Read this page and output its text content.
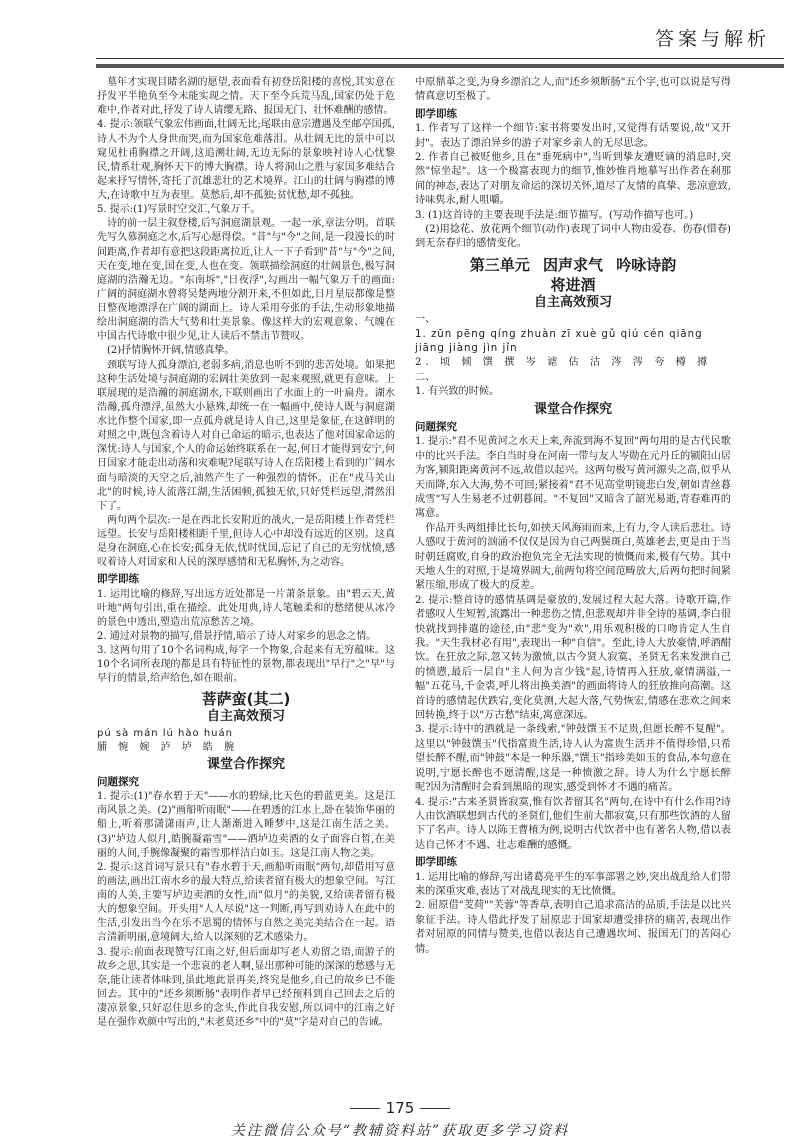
答案与解析

墓年才实现目睹名湖的愿望,表面看有初登岳阳楼的喜悦,其实意在抒发平半艳负至今未能实现之情。天下至今兵荒马乱,国家仍处于危难中,作者对此,抒发了诗人请缨无路、报国无门、壮怀难酬的感情。

4. 提示:领联气象宏伟画面,壮阔无比;尾联由意宗遭遇及至邮亭国孤,诗人不为个人身世而哭,而为国家危难落泪。从壮阔无比的景中可以窥见杜甫胸襟之开阔,这追溯壮阔,无边无际的景象映衬诗人心忧黎民,情系壮观,胸怀天下的博大胸襟。诗人将洞山之胜与家国多难结合起来抒写情怀,寄托了沉雄悲壮的艺术境界。江山的壮阔与胸襟的博大,在诗歌中互为表里。莫愁后,却不孤独;贫忧愁,却不孤独。

5. 提示:(1)写景时空交汇,气象万千。

诗的前一层主叙登楼,后写洞庭湖景观。一起一承,章法分明。首联先写久慕洞庭之水,后写心愿得偿。"昔"与"今"之间,是一段漫长的时间距离,作者却有意把这段距离拉近,让人一下子看到"昔"与"今"之间,天在变,地在变,国在变,人也在变。领联描绘洞庭的壮阔景色,极写洞庭湖的浩瀚无边。"东南坼","日夜浮",勾画出一幅气象万千的画面:广阔的洞庭湖水曾将吴楚两地分割开来,不但如此,日月星辰都像是整日整夜地漂浮在广阔的湖面上。诗人采用夸张的手法,生动形象地描绘出洞庭湖的浩大气势和壮美景象。像这样大的宏观意象、气魄在中国古代诗歌中很少见,让人读后不禁击节赞叹。

(2)抒情胸怀开阔,情感真挚。

颈联写诗人孤身漂泊,老弱多病,消息也听不到的悲苦处境。如果把这种生活处境与洞庭湖的宏阔壮美放到一起来观照,就更有意味。上联展现的是浩瀚的洞庭湖水,下联则画出了水面上的一叶扁舟。湖水浩瀚,孤舟漂浮,虽然大小悬殊,却统一在一幅画中,使诗人既与洞庭湖水比作整个国家,即一点孤舟就是诗人自己,这里是象征,在这鲜明的对照之中,既包含着诗人对自己命运的暗示,也表达了他对国家命运的深忧:诗人与国家,个人的命运始终联系在一起,何日才能得到安宁,何日国家才能走出动荡和灾难呢?尾联写诗人在岳阳楼上看到的广阔水面与暗淡的天空之后,油然产生了一种强烈的情怀。正在"戎马关山北"的时候,诗人流落江湖,生活困顿,孤独无依,只好凭栏远望,潸然泪下了。

两句两个层次:一是在西北长安附近的战火,一是岳阳楼上作者凭栏远望。长安与岳阳楼相距千里,但诗人心中却没有远近的区别。这真是身在洞庭,心在长安;孤身无依,忧时忧国,忘记了自己的无穷忧愤,感叹着诗人对国家和人民的深厚感情和无私胸怀,为之动容。

即学即练

1. 运用比喻的修辞,写出远方近处都是一片萧条景象。由"碧云天,黄叶地"两句引出,重在描绘。此处用典,诗人笔触柔和的愁绪便从冰冷的景色中透出,塑造出荒凉愁苦之境。

2. 通过对景物的描写,借景抒情,暗示了诗人对家乡的思念之情。

3. 这两句用了10个名词构成,每字一个物象,合起来有无穷蕴味。这10个名词所表现的都是具有特征性的景物,都表现出"早行"之"早"与早行的情景,给声给色,如在眼前。

菩萨蛮(其二)
自主高效预习

pú sà mán lú hào huán

脯 惋 婉 泸 垆 皓 腕

课堂合作探究
问题探究

1. 提示:(1)"春水碧于天"——水的碧绿,比天色的碧蓝更美。这是江南风景之美。(2)"画船听雨眠"——在碧透的江水上,卧在装饰华丽的船上,听着那潇潇雨声,让人渐渐进入睡梦中,这是江南生活之美。(3)"垆边人似月,皓腕凝霜雪"——酒垆边卖酒的女子面容白皙,在美丽的人间,手腕像凝聚的霜雪那样洁白如玉。这是江南人物之美。

2. 提示:这首词写景只有"春水碧于天,画船听雨眠"两句,却借用写意的画法,画出江南水乡的最大特点,给读者留有极大的想象空间。写江南的人美,主要写垆边卖酒的女性,而"似月"的美貌,又给读者留有极大的想象空间。开头用"人人尽说"这一判断,再写到劝诗人在此中的生活,引发出当今在乐不思蜀的情怀与自然之美完美结合在一起。语言清新明丽,意境阔大,给人以深刻的艺术感染力。

3. 提示:前面表现赞写江南之好,但后面却写老人劝留之语,而游子的故乡之思,其实是一个悲哀的老人啊,显出那种可能的深深的愁感与无奈,能让读者体味到,虽此地此景再美,终究是他乡,自己的故乡已不能回去。其中的"还乡须断肠"表明作者早已经预料到自己回去之后的凄凉景象,只好忍住思乡的念头,作此自我安慰,所以词中的江南之好是在强作欢颜中写出的,"未老莫还乡"中的"莫"字是对自己的告诫。

中原鼎革之变,为身乡漂泊之人,而"还乡须断肠"五个字,也可以说是写得情真意切至极了。

即学即练

1. 作者写了这样一个细节:家书将要发出时,又觉得有话要说,故"又开封"。表达了漂泊异乡的游子对家乡亲人的无尽思念。

2. 作者自己被贬他乡,且在"垂死病中",当听到挚友遭贬谪的消息时,突然"惊坐起"。这一个极富表现力的细节,惟妙惟肖地摹写出作者在刹那间的神态,表达了对朋友命运的深切关怀,道尽了友情的真挚、悲凉意致,诗味隽永,耐人咀嚼。

3. (1)这首诗的主要表现手法是:细节描写。(写动作描写也可。)

(2)用捻花、放花两个细节(动作)表现了词中人物由爱春、伤春(惜春)到无奈春归的感情变化。

第三单元 因声求气 吟咏诗韵
将进酒
自主高效预习

一、

1. zūn pēng qíng zhuàn zī xuè gǔ qiú cén qiāng

jiāng jiàng jìn jǐn

2. 顷 倾 馔 撰 岑 谑 估 沽 涔 涔 夸 樽 撙

二、

1. 有兴致的时候。

课堂合作探究
问题探究

1. 提示:"君不见黄河之水天上来,奔流到海不复回"两句用的是古代民歌中的比兴手法。李白当时身在河南一带与友人岑勋在元丹丘的颍阳山居为客,颍阳距离黄河不远,故借以起兴。这两句极写黄河源头之高,似乎从天而降,东入大海,势不可回;紧接着"君不见高堂明镜悲白发,朝如青丝暮成雪"写人生易老不过朝暮间。"不复回"又暗含了韶光易逝,青春难再的寓意。

作品开头两组排比长句,如挟天风海雨而来,上有力,令人读后悲壮。诗人感叹于黄河的汹涌不仅仅是因为自己两鬓斑白,英雄老去,更是由于当时朝廷腐败,自身的政治抱负完全无法实现的愤慨而来,极有气势。其中天地人生的对照,于是境界阔大,前两句将空间范畴放大,后两句把时间紧紧压缩,形成了极大的反差。

2. 提示:整首诗的感情基调是豪放的,发展过程大起大落。诗歌开篇,作者感叹人生短暂,流露出一种悲伤之情,但悲观却并非全诗的基调,李白很快就找到排遣的途径,由"悲"变为"欢",用乐观积极的口吻肯定人生自我。"天生我材必有用",表现出一种"自信"。至此,诗人大放豪情,呼酒酣饮。在狂放之际,忽又转为激愤,以古今贤人寂寞、圣贤无名来发泄自己的愤懑,最后一层自"主人何为言少钱"起,诗情再入狂放,豪情满溢,一幅"五花马,千金裘,呼儿将出换美酒"的画面将诗人的狂放推向高潮。这首诗的感情起伏跌宕,变化莫测,大起大落,气势恢宏,情感在悲欢之间来回转换,终于以"万古愁"结束,寓意深远。

3. 提示:诗中的酒就是一条线索,"钟鼓馔玉不足贵,但愿长醉不复醒"。这里以"钟鼓馔玉"代指富贵生活,诗人认为富贵生活并不值得珍惜,只希望长醉不醒,而"钟鼓"本是一种乐器,"馔玉"指珍美如玉的食品,本句意在说明,宁愿长醉也不愿清醒,这是一种愤激之辞。诗人为什么宁愿长醉呢?因为清醒时会看到黑暗的现实,感受到怀才不遇的痛苦。

4. 提示:"古来圣贤皆寂寞,惟有饮者留其名"两句,在诗中有什么作用?诗人由饮酒联想到古代的圣贤们,他们生前大都寂寞,只有那些饮酒的人留下了名声。诗人以陈王曹植为例,说明古代饮者中也有著名人物,借以表达自己怀才不遇、壮志难酬的感慨。

即学即练

1. 运用比喻的修辞,写出诸葛亮平生的军事部署之妙,突出战乱给人们带来的深重灾难,表达了对战乱现实的无比愤慨。

2. 屈原借"芰荷""芙蓉"等香草,表明自己追求高洁的品质,手法是以比兴象征手法。诗人借此抒发了屈原忠于国家却遭受排挤的痛苦,表现出作者对屈原的同情与赞美,也借以表达自己遭遇坎坷、报国无门的苦闷心情。

175
关注微信公众号“教辅资料站”获取更多学习资料
